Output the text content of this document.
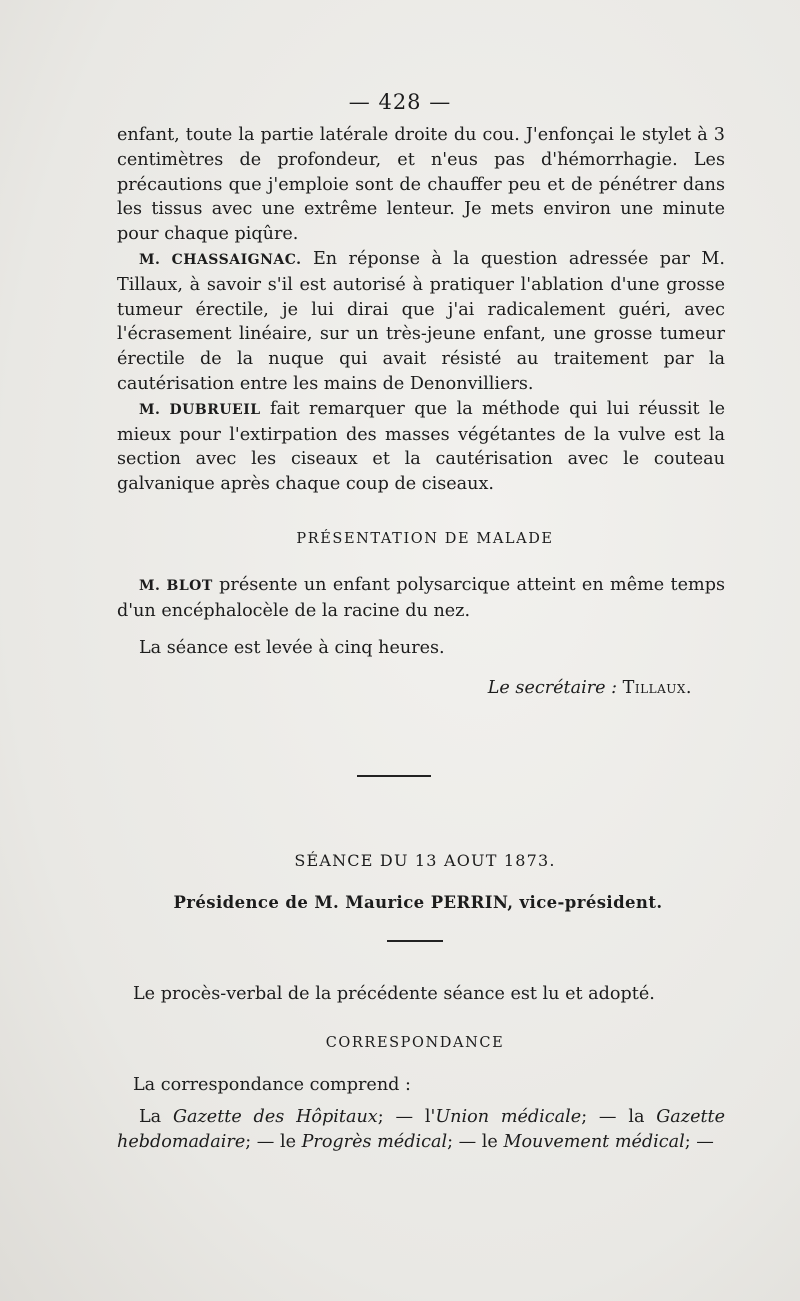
— 428 —

enfant, toute la partie latérale droite du cou. J'enfonçai le stylet à 3 centimètres de profondeur, et n'eus pas d'hémorrhagie. Les précautions que j'emploie sont de chauffer peu et de pénétrer dans les tissus avec une extrême lenteur. Je mets environ une minute pour chaque piqûre.

M. CHASSAIGNAC. En réponse à la question adressée par M. Tillaux, à savoir s'il est autorisé à pratiquer l'ablation d'une grosse tumeur érectile, je lui dirai que j'ai radicalement guéri, avec l'écrasement linéaire, sur un très-jeune enfant, une grosse tumeur érectile de la nuque qui avait résisté au traitement par la cautérisation entre les mains de Denonvilliers.

M. DUBRUEIL fait remarquer que la méthode qui lui réussit le mieux pour l'extirpation des masses végétantes de la vulve est la section avec les ciseaux et la cautérisation avec le couteau galvanique après chaque coup de ciseaux.

PRÉSENTATION DE MALADE

M. BLOT présente un enfant polysarcique atteint en même temps d'un encéphalocèle de la racine du nez.

La séance est levée à cinq heures.
Le secrétaire : Tillaux.
SÉANCE DU 13 AOUT 1873.
Présidence de M. Maurice PERRIN, vice-président.
Le procès-verbal de la précédente séance est lu et adopté.
CORRESPONDANCE
La correspondance comprend :

La Gazette des Hôpitaux; — l'Union médicale; — la Gazette hebdomadaire; — le Progrès médical; — le Mouvement médical; —
